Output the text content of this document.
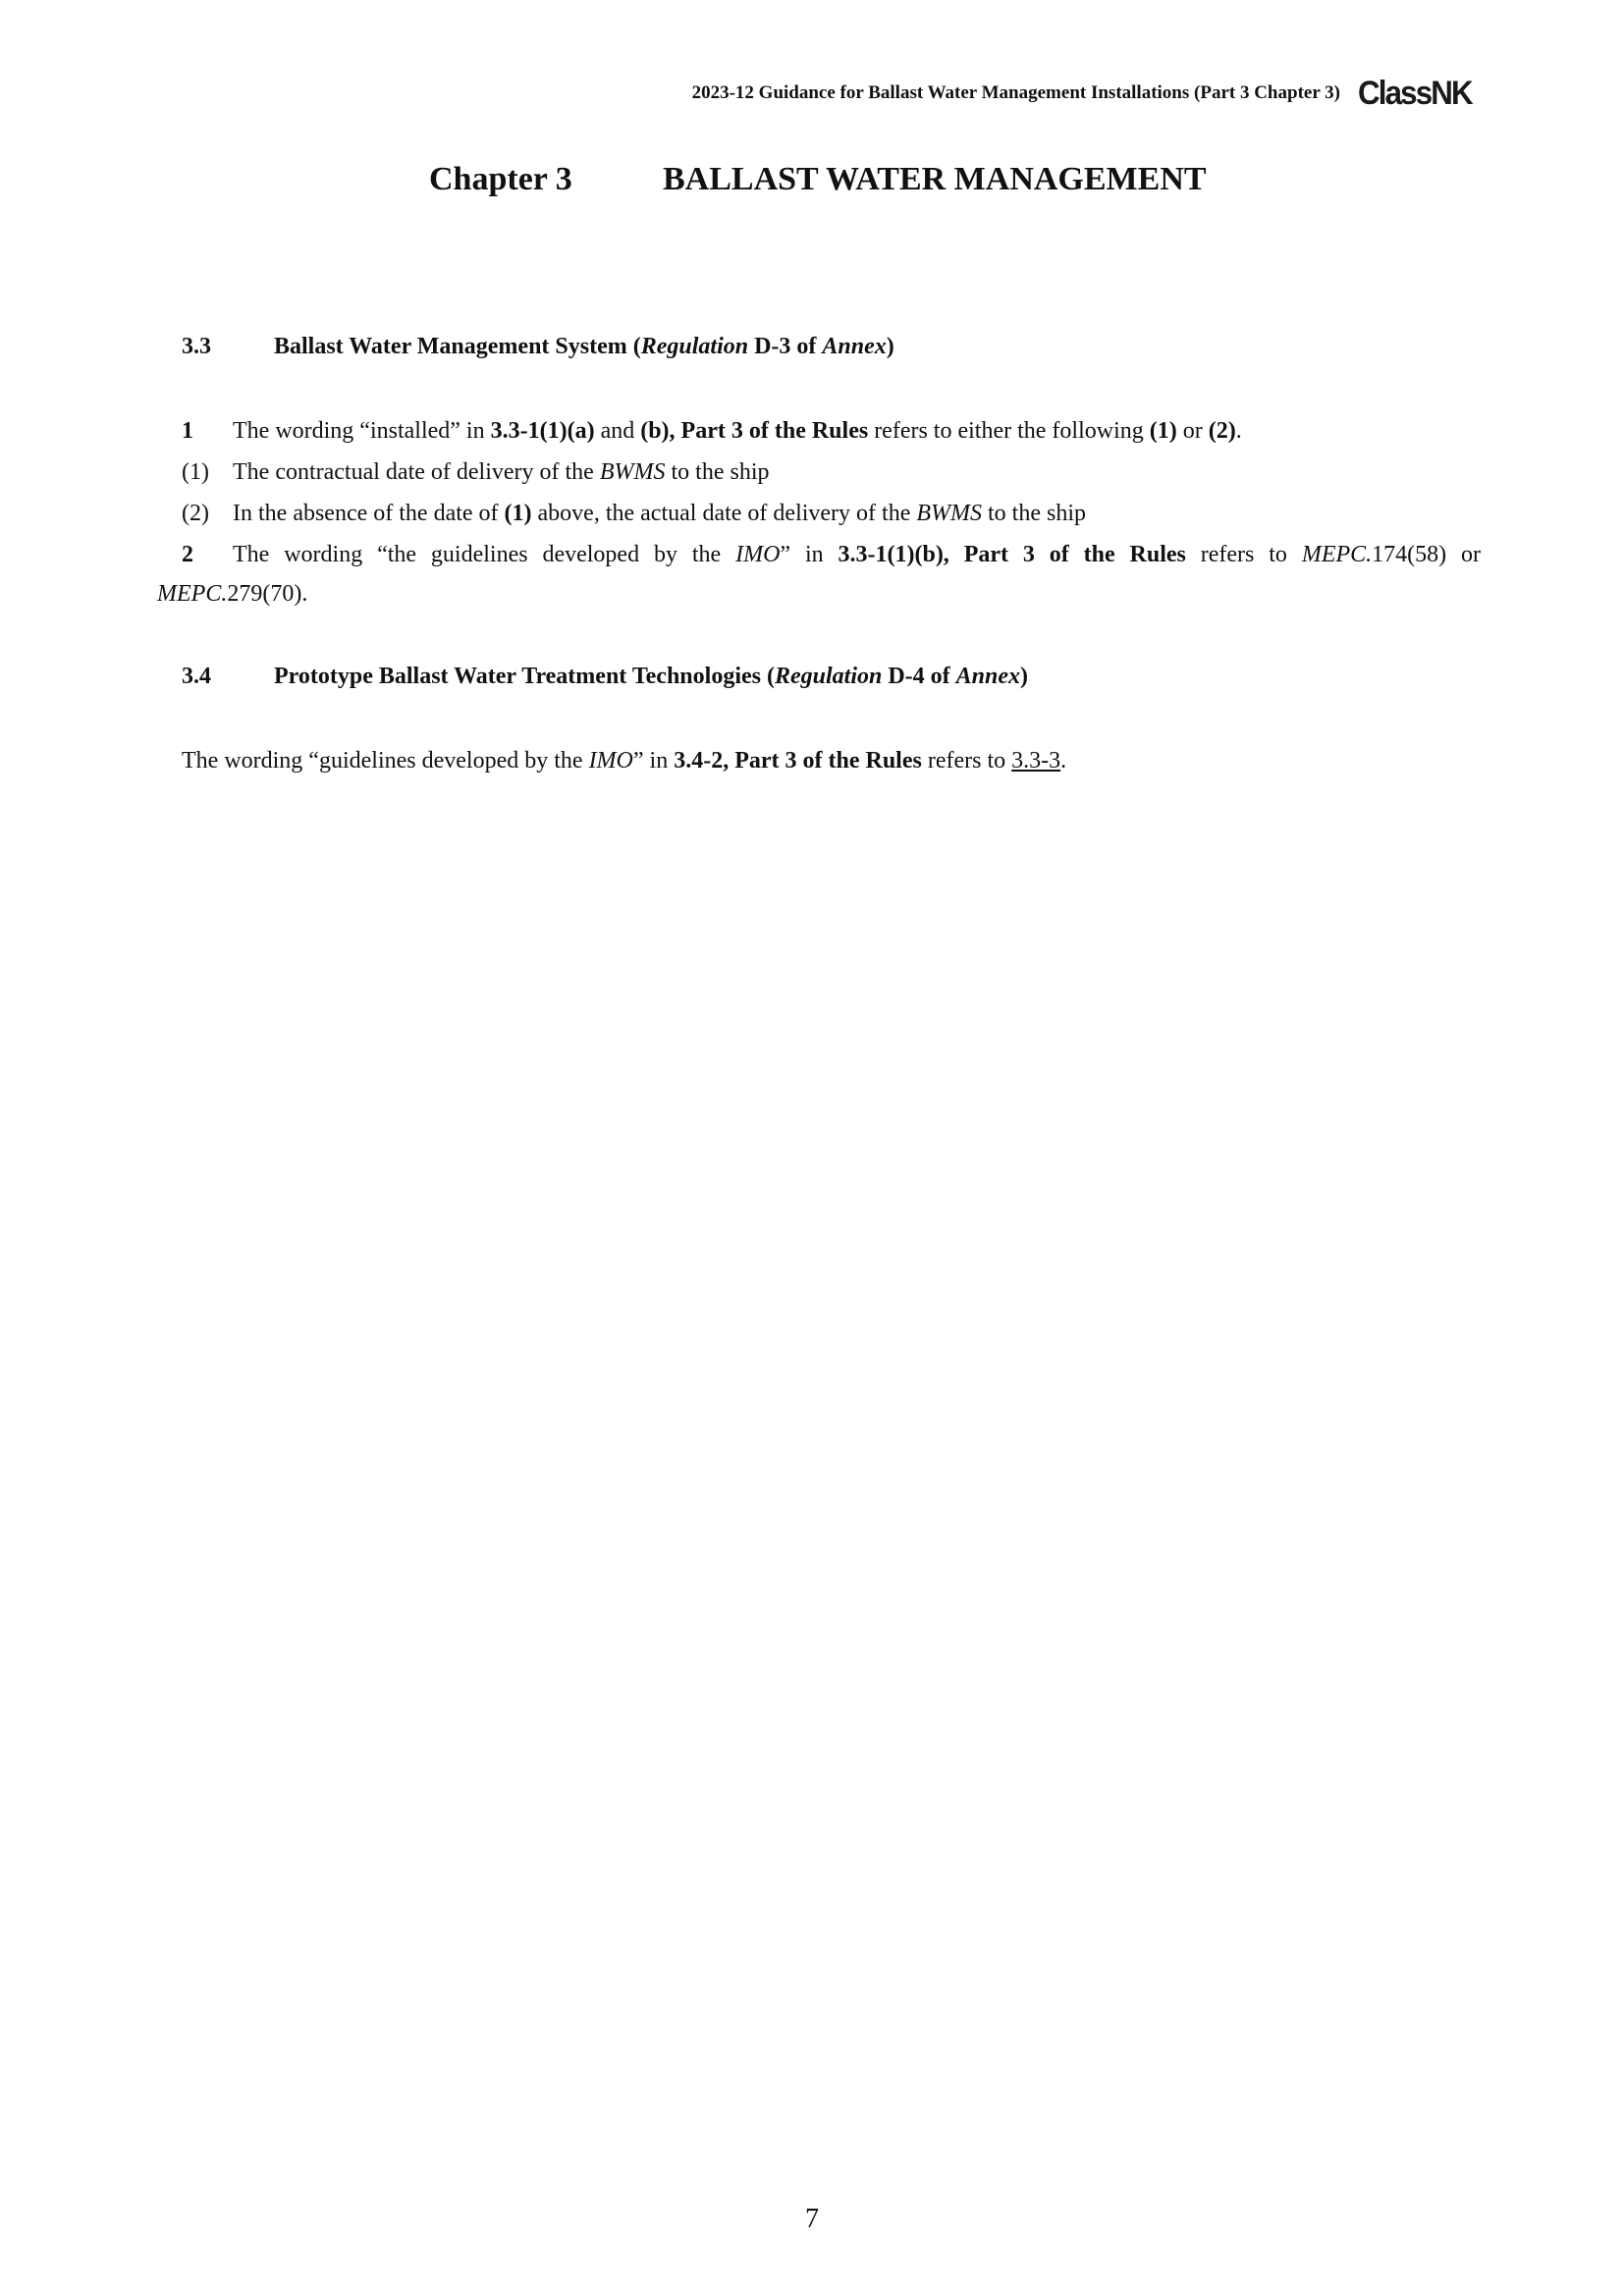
2023-12 Guidance for Ballast Water Management Installations (Part 3 Chapter 3) ClassNK
Chapter 3	BALLAST WATER MANAGEMENT
3.3	Ballast Water Management System (Regulation D-3 of Annex)
1 The wording “installed” in 3.3-1(1)(a) and (b), Part 3 of the Rules refers to either the following (1) or (2).
(1) The contractual date of delivery of the BWMS to the ship
(2) In the absence of the date of (1) above, the actual date of delivery of the BWMS to the ship
2 The wording “the guidelines developed by the IMO” in 3.3-1(1)(b), Part 3 of the Rules refers to MEPC.174(58) or
MEPC.279(70).
3.4	Prototype Ballast Water Treatment Technologies (Regulation D-4 of Annex)
The wording “guidelines developed by the IMO” in 3.4-2, Part 3 of the Rules refers to 3.3-3.
7
